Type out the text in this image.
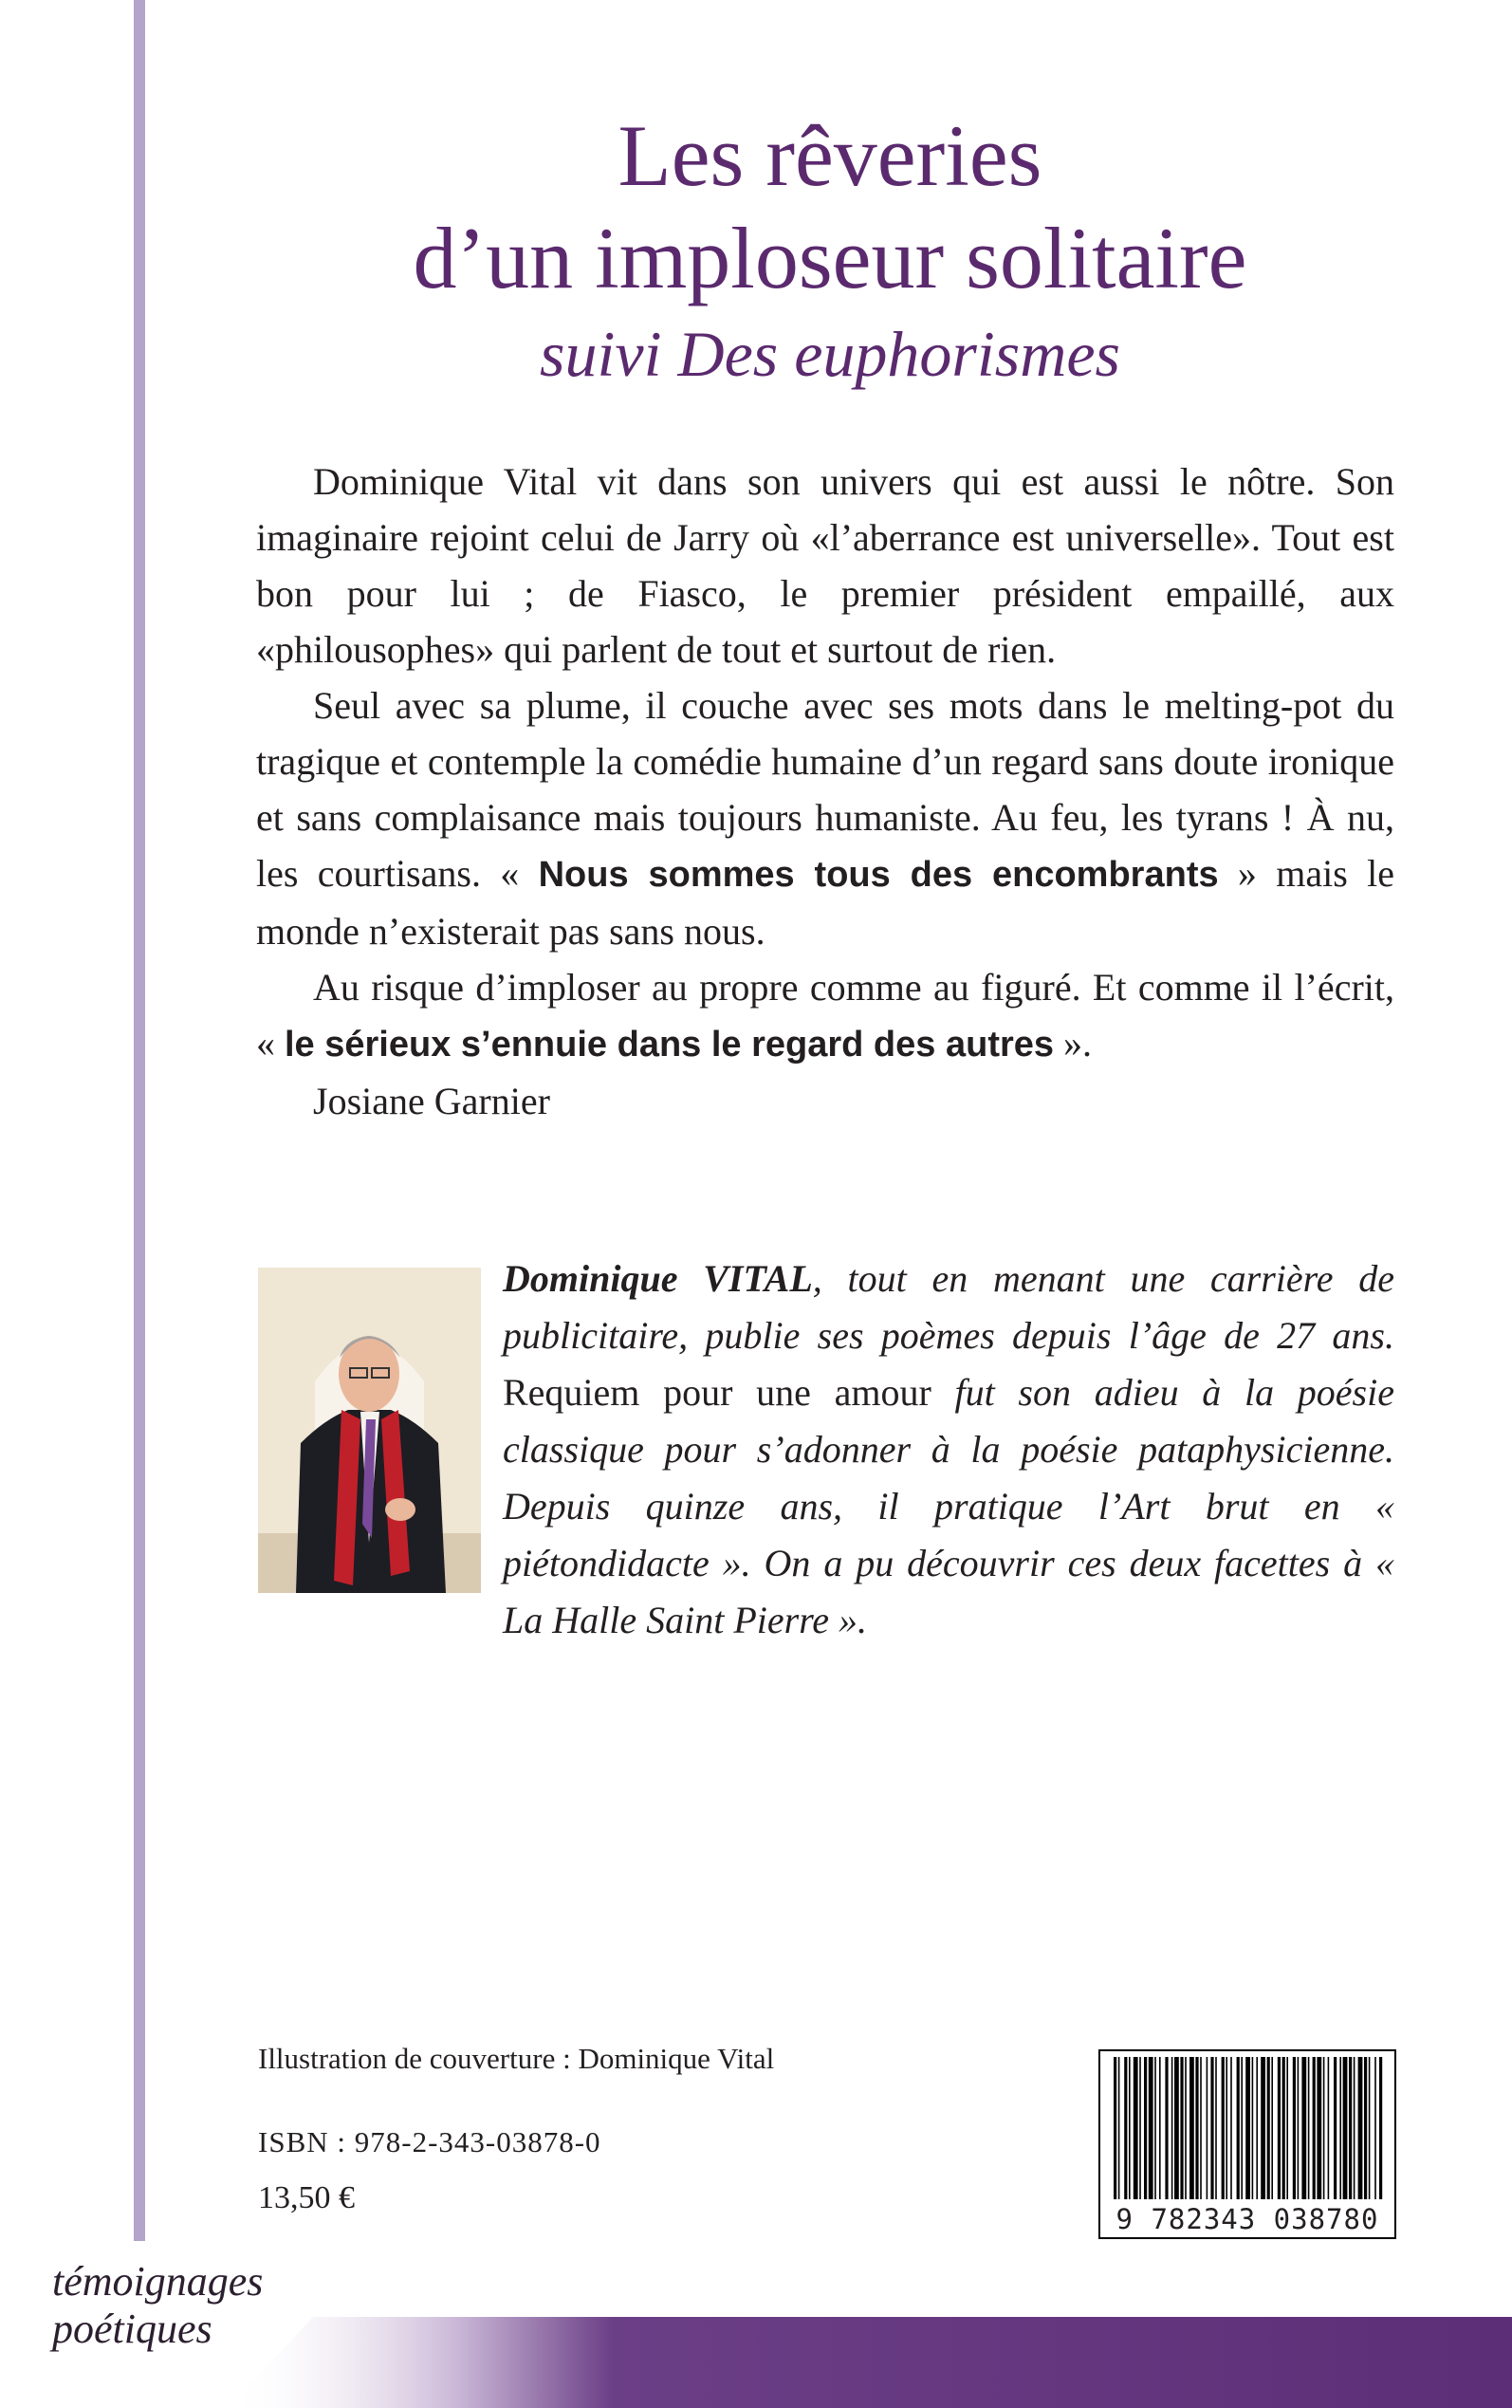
Les rêveries
d’un imploseur solitaire

suivi Des euphorismes

Dominique Vital vit dans son univers qui est aussi le nôtre. Son imaginaire rejoint celui de Jarry où «l’aberrance est universelle». Tout est bon pour lui ; de Fiasco, le premier président empaillé, aux «philousophes» qui parlent de tout et surtout de rien.

Seul avec sa plume, il couche avec ses mots dans le melting-pot du tragique et contemple la comédie humaine d’un regard sans doute ironique et sans complaisance mais toujours humaniste. Au feu, les tyrans ! À nu, les courtisans. « Nous sommes tous des encombrants » mais le monde n’existerait pas sans nous.

Au risque d’imploser au propre comme au figuré. Et comme il l’écrit, « le sérieux s’ennuie dans le regard des autres ».

Josiane Garnier

Dominique VITAL, tout en menant une carrière de publicitaire, publie ses poèmes depuis l’âge de 27 ans. Requiem pour une amour fut son adieu à la poésie classique pour s’adonner à la poésie pataphysicienne. Depuis quinze ans, il pratique l’Art brut en « piétondidacte ». On a pu découvrir ces deux facettes à « La Halle Saint Pierre ».

Illustration de couverture : Dominique Vital
ISBN : 978-2-343-03878-0
13,50 €
9 782343 038780
témoignages
poétiques
